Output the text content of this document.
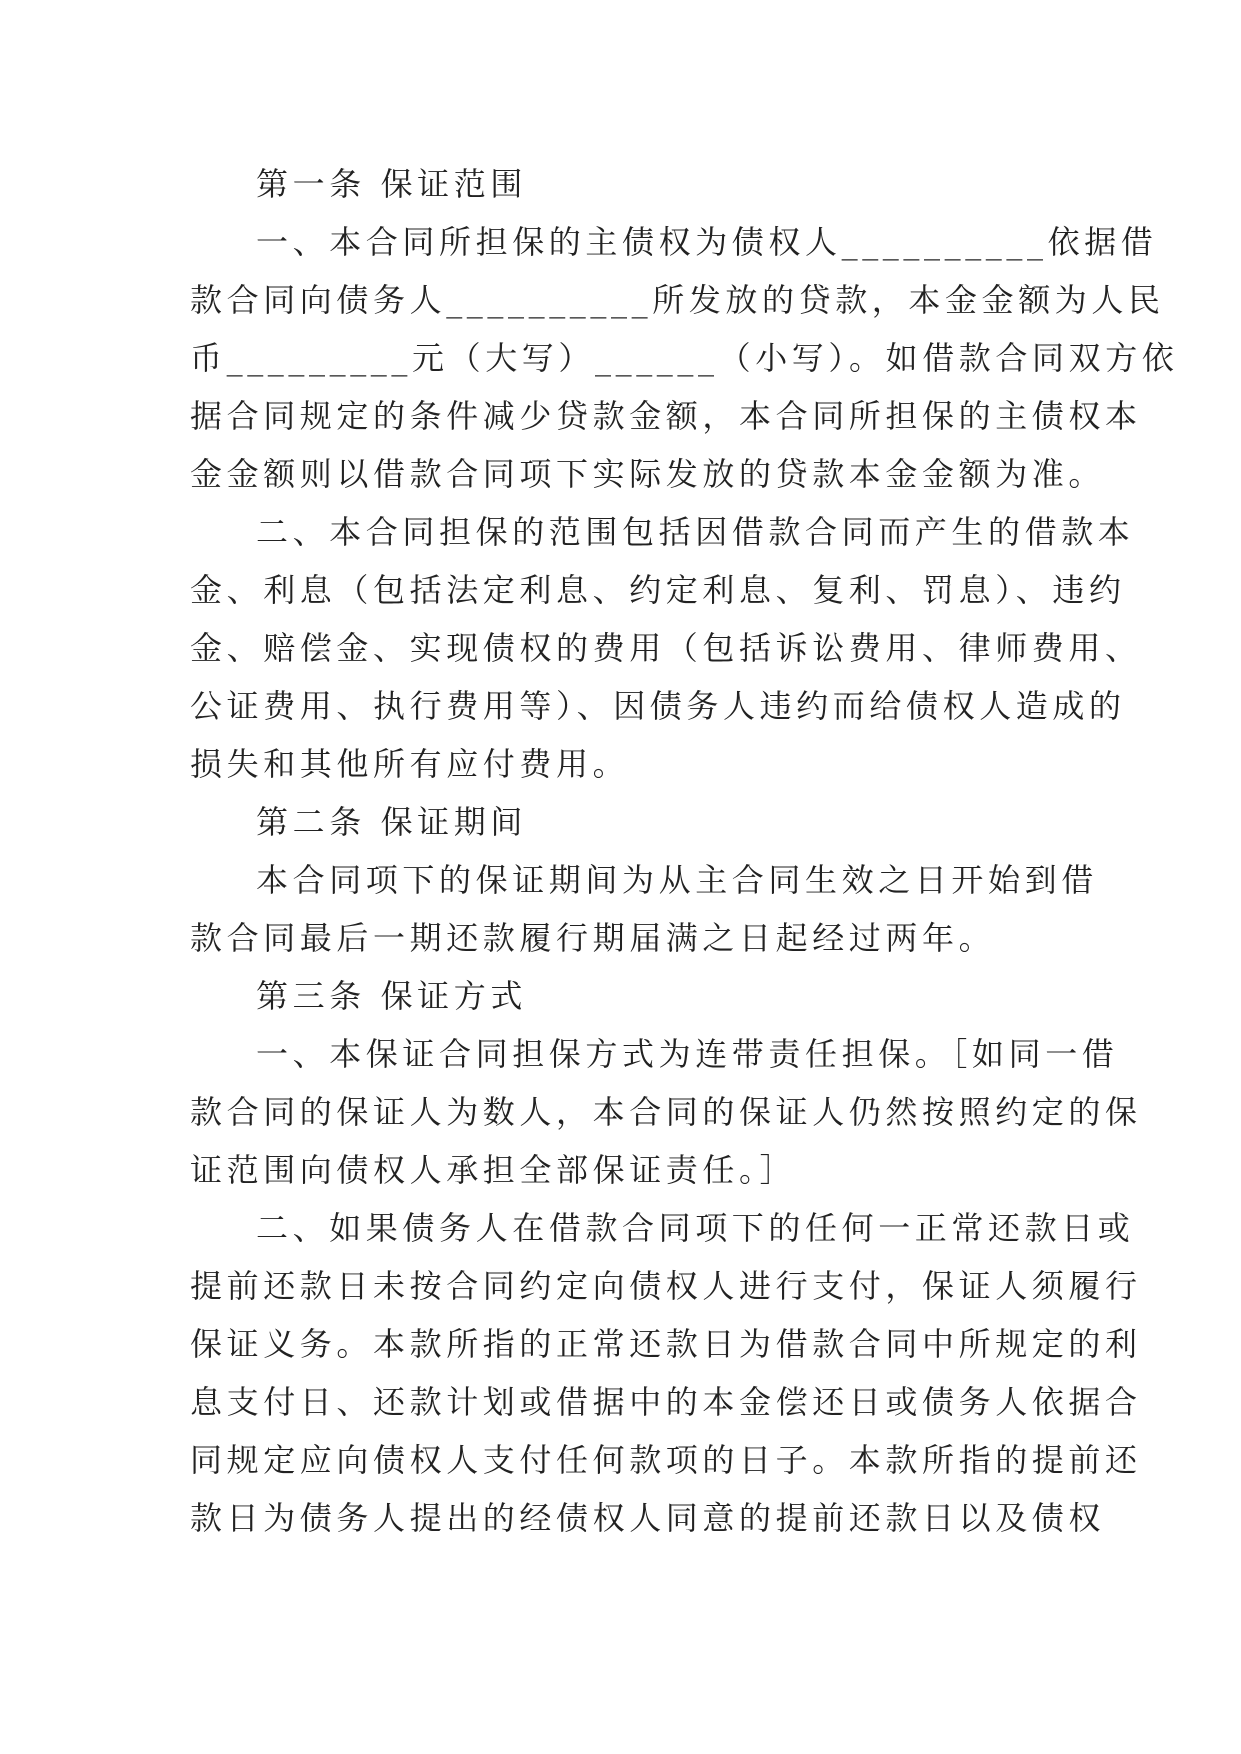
第一条 保证范围
一、本合同所担保的主债权为债权人__________依据借
款合同向债务人__________所发放的贷款，本金金额为人民
币_________元（大写）______（小写）。如借款合同双方依
据合同规定的条件减少贷款金额，本合同所担保的主债权本
金金额则以借款合同项下实际发放的贷款本金金额为准。
二、本合同担保的范围包括因借款合同而产生的借款本
金、利息（包括法定利息、约定利息、复利、罚息）、违约
金、赔偿金、实现债权的费用（包括诉讼费用、律师费用、
公证费用、执行费用等）、因债务人违约而给债权人造成的
损失和其他所有应付费用。
第二条 保证期间
本合同项下的保证期间为从主合同生效之日开始到借
款合同最后一期还款履行期届满之日起经过两年。
第三条 保证方式
一、本保证合同担保方式为连带责任担保。［如同一借
款合同的保证人为数人，本合同的保证人仍然按照约定的保
证范围向债权人承担全部保证责任。］
二、如果债务人在借款合同项下的任何一正常还款日或
提前还款日未按合同约定向债权人进行支付，保证人须履行
保证义务。本款所指的正常还款日为借款合同中所规定的利
息支付日、还款计划或借据中的本金偿还日或债务人依据合
同规定应向债权人支付任何款项的日子。本款所指的提前还
款日为债务人提出的经债权人同意的提前还款日以及债权
